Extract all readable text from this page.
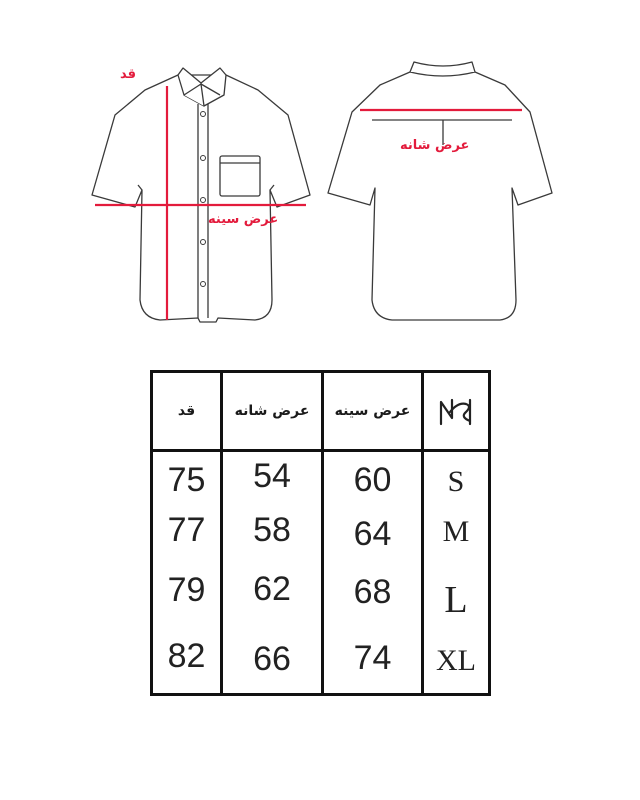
قد
عرض سینه
عرض شانه
قد	عرض شانه	عرض سینه
75	54	60	S
77	58	64	M
79	62	68	L
82	66	74	XL
